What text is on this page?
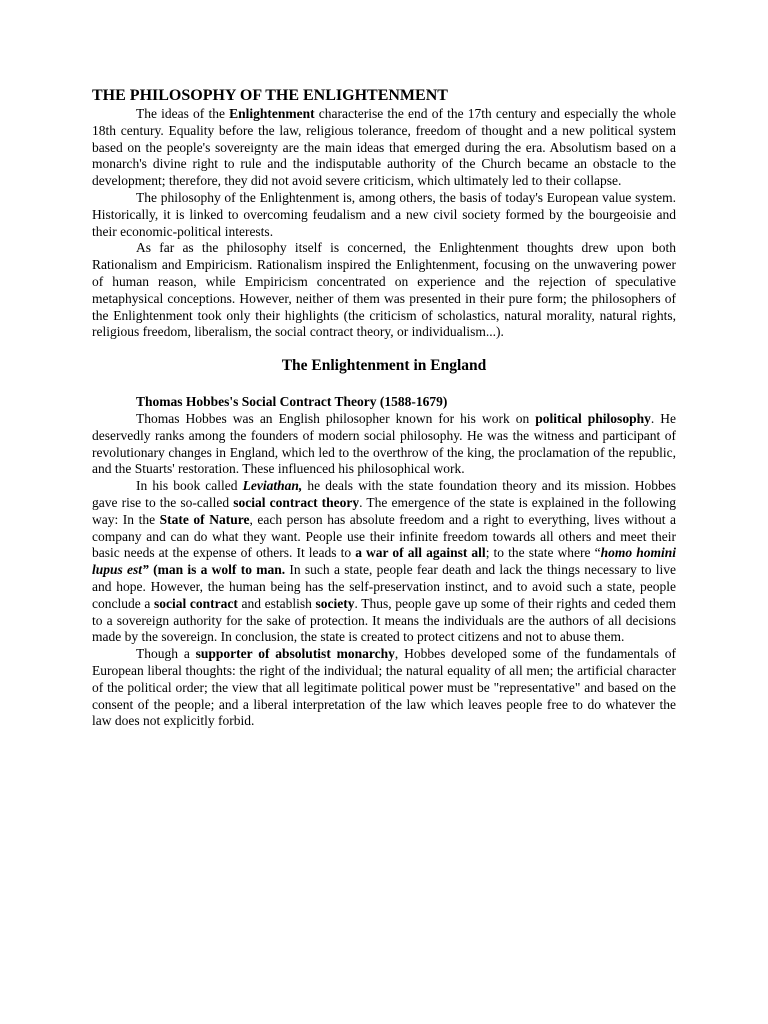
THE PHILOSOPHY OF THE ENLIGHTENMENT

The ideas of the Enlightenment characterise the end of the 17th century and especially the whole 18th century. Equality before the law, religious tolerance, freedom of thought and a new political system based on the people's sovereignty are the main ideas that emerged during the era. Absolutism based on a monarch's divine right to rule and the indisputable authority of the Church became an obstacle to the development; therefore, they did not avoid severe criticism, which ultimately led to their collapse.

The philosophy of the Enlightenment is, among others, the basis of today's European value system. Historically, it is linked to overcoming feudalism and a new civil society formed by the bourgeoisie and their economic-political interests.

As far as the philosophy itself is concerned, the Enlightenment thoughts drew upon both Rationalism and Empiricism. Rationalism inspired the Enlightenment, focusing on the unwavering power of human reason, while Empiricism concentrated on experience and the rejection of speculative metaphysical conceptions. However, neither of them was presented in their pure form; the philosophers of the Enlightenment took only their highlights (the criticism of scholastics, natural morality, natural rights, religious freedom, liberalism, the social contract theory, or individualism...).

The Enlightenment in England
Thomas Hobbes's Social Contract Theory (1588-1679)

Thomas Hobbes was an English philosopher known for his work on political philosophy. He deservedly ranks among the founders of modern social philosophy. He was the witness and participant of revolutionary changes in England, which led to the overthrow of the king, the proclamation of the republic, and the Stuarts' restoration. These influenced his philosophical work.

In his book called Leviathan, he deals with the state foundation theory and its mission. Hobbes gave rise to the so-called social contract theory. The emergence of the state is explained in the following way: In the State of Nature, each person has absolute freedom and a right to everything, lives without a company and can do what they want. People use their infinite freedom towards all others and meet their basic needs at the expense of others. It leads to a war of all against all; to the state where “homo homini lupus est” (man is a wolf to man. In such a state, people fear death and lack the things necessary to live and hope. However, the human being has the self-preservation instinct, and to avoid such a state, people conclude a social contract and establish society. Thus, people gave up some of their rights and ceded them to a sovereign authority for the sake of protection. It means the individuals are the authors of all decisions made by the sovereign. In conclusion, the state is created to protect citizens and not to abuse them.

Though a supporter of absolutist monarchy, Hobbes developed some of the fundamentals of European liberal thoughts: the right of the individual; the natural equality of all men; the artificial character of the political order; the view that all legitimate political power must be "representative" and based on the consent of the people; and a liberal interpretation of the law which leaves people free to do whatever the law does not explicitly forbid.
